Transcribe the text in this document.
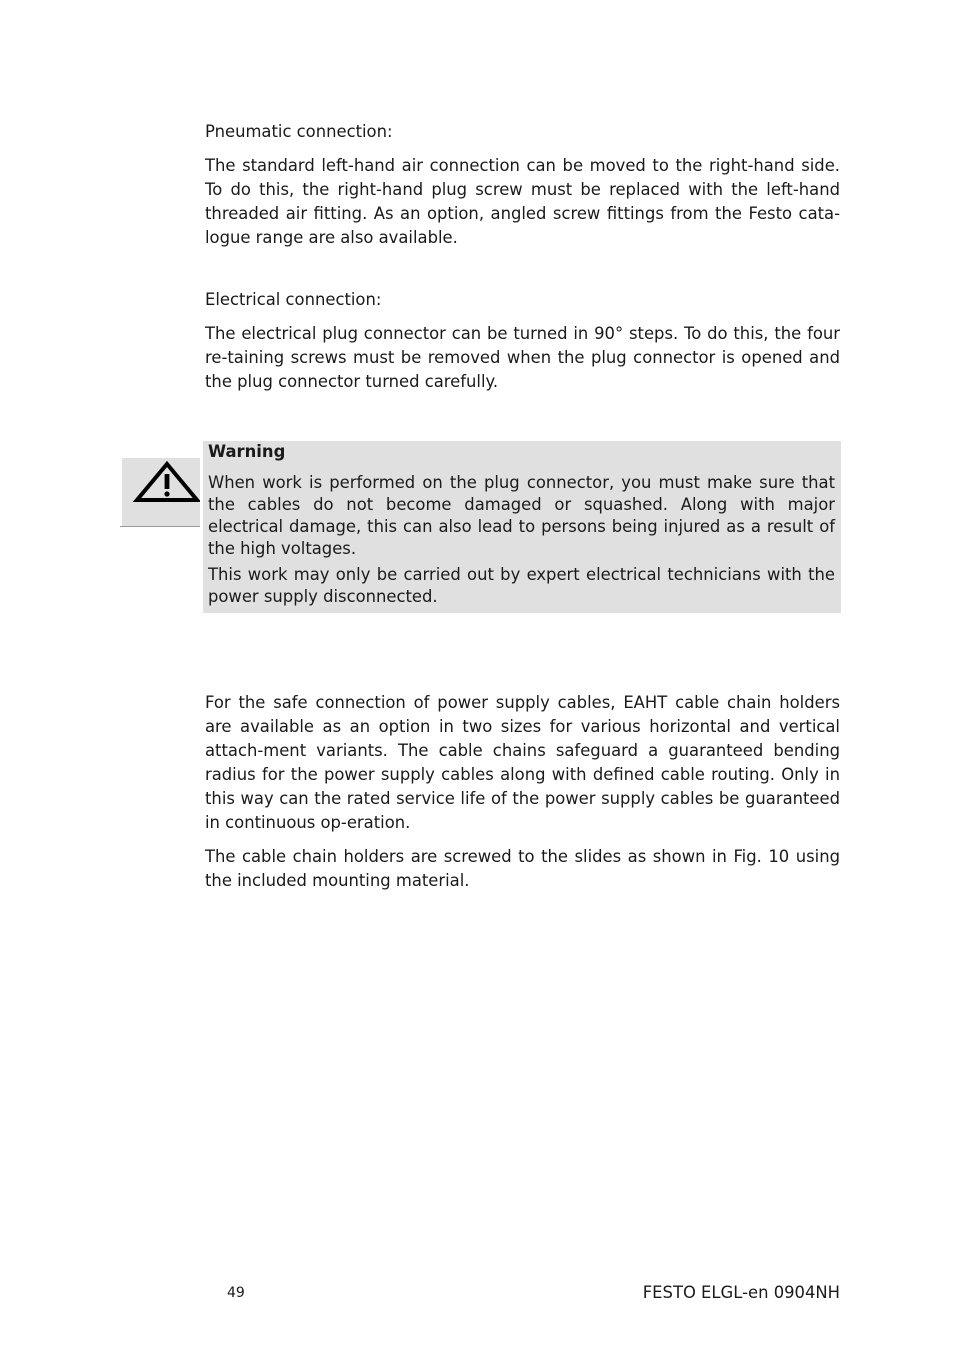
Pneumatic connection:

The standard left-hand air connection can be moved to the right-hand side. To do this, the right-hand plug screw must be replaced with the left-hand threaded air fitting. As an option, angled screw fittings from the Festo cata-logue range are also available.

Electrical connection:

The electrical plug connector can be turned in 90° steps. To do this, the four re-taining screws must be removed when the plug connector is opened and the plug connector turned carefully.

Warning

When work is performed on the plug connector, you must make sure that the cables do not become damaged or squashed. Along with major electrical damage, this can also lead to persons being injured as a result of the high voltages.

This work may only be carried out by expert electrical technicians with the power supply disconnected.

For the safe connection of power supply cables, EAHT cable chain holders are available as an option in two sizes for various horizontal and vertical attach-ment variants. The cable chains safeguard a guaranteed bending radius for the power supply cables along with defined cable routing. Only in this way can the rated service life of the power supply cables be guaranteed in continuous op-eration.

The cable chain holders are screwed to the slides as shown in Fig. 10 using the included mounting material.

49	FESTO ELGL-en 0904NH
